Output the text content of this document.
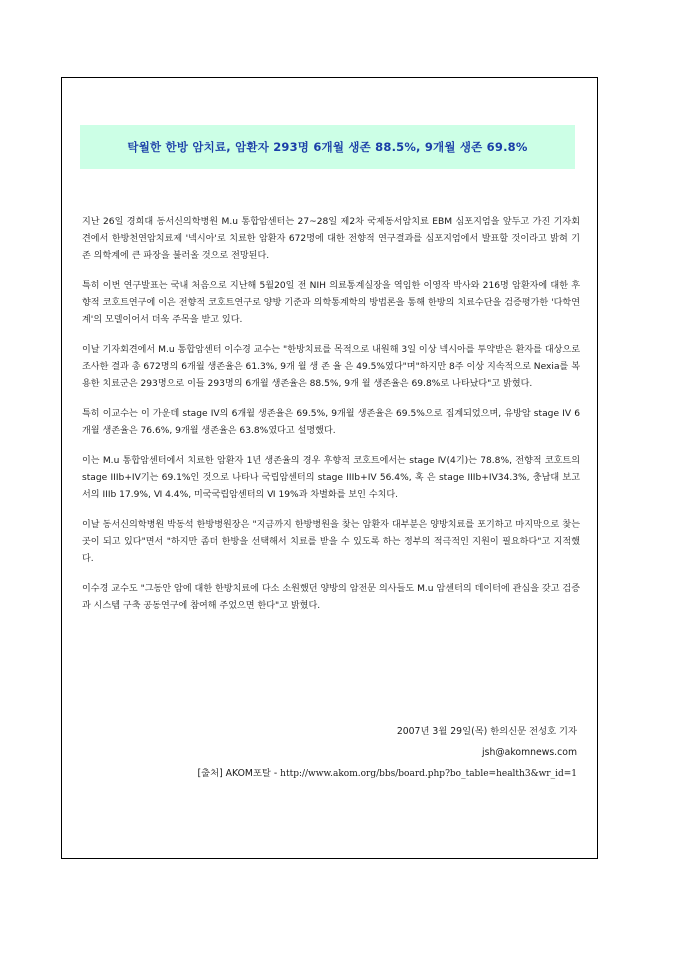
탁월한 한방 암치료, 암환자 293명 6개월 생존 88.5%, 9개월 생존 69.8%

지난 26일 경희대 동서신의학병원 M.u 통합암센터는 27~28일 제2차 국제동서암치료 EBM 심포지엄을 앞두고 가진 기자회견에서 한방천연암치료제 '넥시아'로 치료한 암환자 672명에 대한 전향적 연구결과를 심포지엄에서 발표할 것이라고 밝혀 기존 의학계에 큰 파장을 불러올 것으로 전망된다.

특히 이번 연구발표는 국내 처음으로 지난해 5월20일 전 NIH 의료통계실장을 역임한 이영작 박사와 216명 암환자에 대한 후향적 코호트연구에 이은 전향적 코호트연구로 양방 기준과 의학통계학의 방법론을 통해 한방의 치료수단을 검증평가한 '다학연계'의 모델이어서 더욱 주목을 받고 있다.

이날 기자회견에서 M.u 통합암센터 이수경 교수는 "한방치료를 목적으로 내원해 3일 이상 넥시아를 투약받은 환자를 대상으로 조사한 결과 총 672명의 6개월 생존율은 61.3%, 9개 월 생 존 율 은 49.5%였다"며"하지만 8주 이상 지속적으로 Nexia를 복용한 치료군은 293명으로 이들 293명의 6개월 생존율은 88.5%, 9개 월 생존율은 69.8%로 나타났다"고 밝혔다.

특히 이교수는 이 가운데 stage IV의 6개월 생존율은 69.5%, 9개월 생존율은 69.5%으로 집계되었으며, 유방암 stage IV 6개월 생존율은 76.6%, 9개월 생존율은 63.8%였다고 설명했다.

이는 M.u 통합암센터에서 치료한 암환자 1년 생존율의 경우 후향적 코호트에서는 stage Ⅳ(4기)는 78.8%, 전향적 코호트의 stage IIIb+IV기는 69.1%인 것으로 나타나 국립암센터의 stage IIIb+IV 56.4%, 혹 은 stage IIIb+IV34.3%, 충남대 보고서의 IIIb 17.9%, Ⅵ 4.4%, 미국국립암센터의 Ⅵ 19%과 차별화를 보인 수치다.

이날 동서신의학병원 박동석 한방병원장은 "지금까지 한방병원을 찾는 암환자 대부분은 양방치료를 포기하고 마지막으로 찾는 곳이 되고 있다"면서 "하지만 좀더 한방을 선택해서 치료를 받을 수 있도록 하는 정부의 적극적인 지원이 필요하다"고 지적했다.

이수경 교수도 "그동안 암에 대한 한방치료에 다소 소원했던 양방의 암전문 의사들도 M.u 암센터의 데이터에 관심을 갖고 검증과 시스템 구축 공동연구에 참여해 주었으면 한다"고 밝혔다.

2007년 3월 29일(목) 한의신문 전성호 기자
jsh@akomnews.com
[출처] AKOM포탈 - http://www.akom.org/bbs/board.php?bo_table=health3&wr_id=1
